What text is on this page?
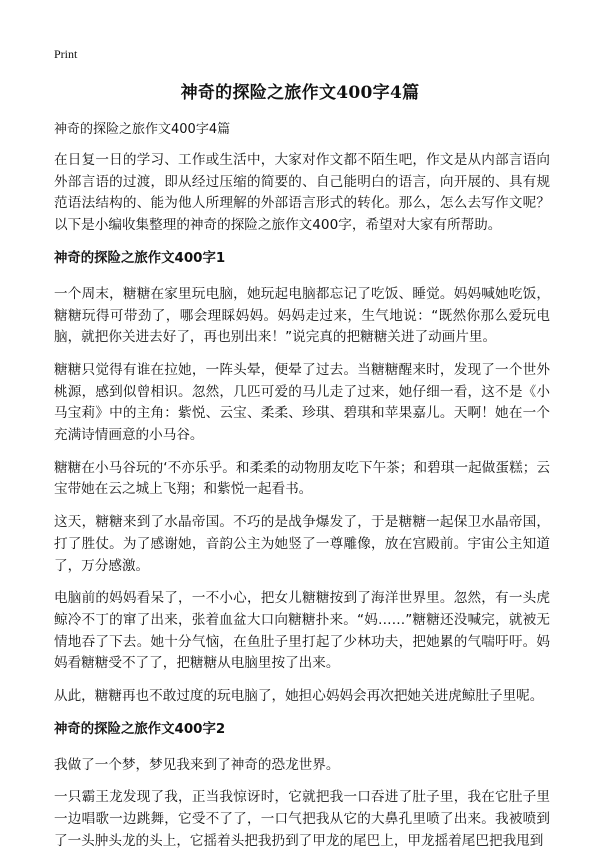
Print
神奇的探险之旅作文400字4篇

神奇的探险之旅作文400字4篇

在日复一日的学习、工作或生活中，大家对作文都不陌生吧，作文是从内部言语向外部言语的过渡，即从经过压缩的简要的、自己能明白的语言，向开展的、具有规范语法结构的、能为他人所理解的外部语言形式的转化。那么，怎么去写作文呢？以下是小编收集整理的神奇的探险之旅作文400字，希望对大家有所帮助。

神奇的探险之旅作文400字1

一个周末，糖糖在家里玩电脑，她玩起电脑都忘记了吃饭、睡觉。妈妈喊她吃饭，糖糖玩得可带劲了，哪会理睬妈妈。妈妈走过来，生气地说：“既然你那么爱玩电脑，就把你关进去好了，再也别出来！”说完真的把糖糖关进了动画片里。

糖糖只觉得有谁在拉她，一阵头晕，便晕了过去。当糖糖醒来时，发现了一个世外桃源，感到似曾相识。忽然，几匹可爱的马儿走了过来，她仔细一看，这不是《小马宝莉》中的主角：紫悦、云宝、柔柔、珍琪、碧琪和苹果嘉儿。天啊！她在一个充满诗情画意的小马谷。

糖糖在小马谷玩的‘不亦乐乎。和柔柔的动物朋友吃下午茶；和碧琪一起做蛋糕；云宝带她在云之城上飞翔；和紫悦一起看书。

这天，糖糖来到了水晶帝国。不巧的是战争爆发了，于是糖糖一起保卫水晶帝国，打了胜仗。为了感谢她，音韵公主为她竖了一尊雕像，放在宫殿前。宇宙公主知道了，万分感激。

电脑前的妈妈看呆了，一不小心，把女儿糖糖按到了海洋世界里。忽然，有一头虎鲸冷不丁的窜了出来，张着血盆大口向糖糖扑来。“妈……”糖糖还没喊完，就被无情地吞了下去。她十分气恼，在鱼肚子里打起了少林功夫，把她累的气喘吁吁。妈妈看糖糖受不了了，把糖糖从电脑里按了出来。

从此，糖糖再也不敢过度的玩电脑了，她担心妈妈会再次把她关进虎鲸肚子里呢。

神奇的探险之旅作文400字2

我做了一个梦，梦见我来到了神奇的恐龙世界。

一只霸王龙发现了我，正当我惊讶时，它就把我一口吞进了肚子里，我在它肚子里一边唱歌一边跳舞，它受不了了，一口气把我从它的大鼻孔里喷了出来。我被喷到了一头肿头龙的头上，它摇着头把我扔到了甲龙的尾巴上，甲龙摇着尾巴把我甩到
